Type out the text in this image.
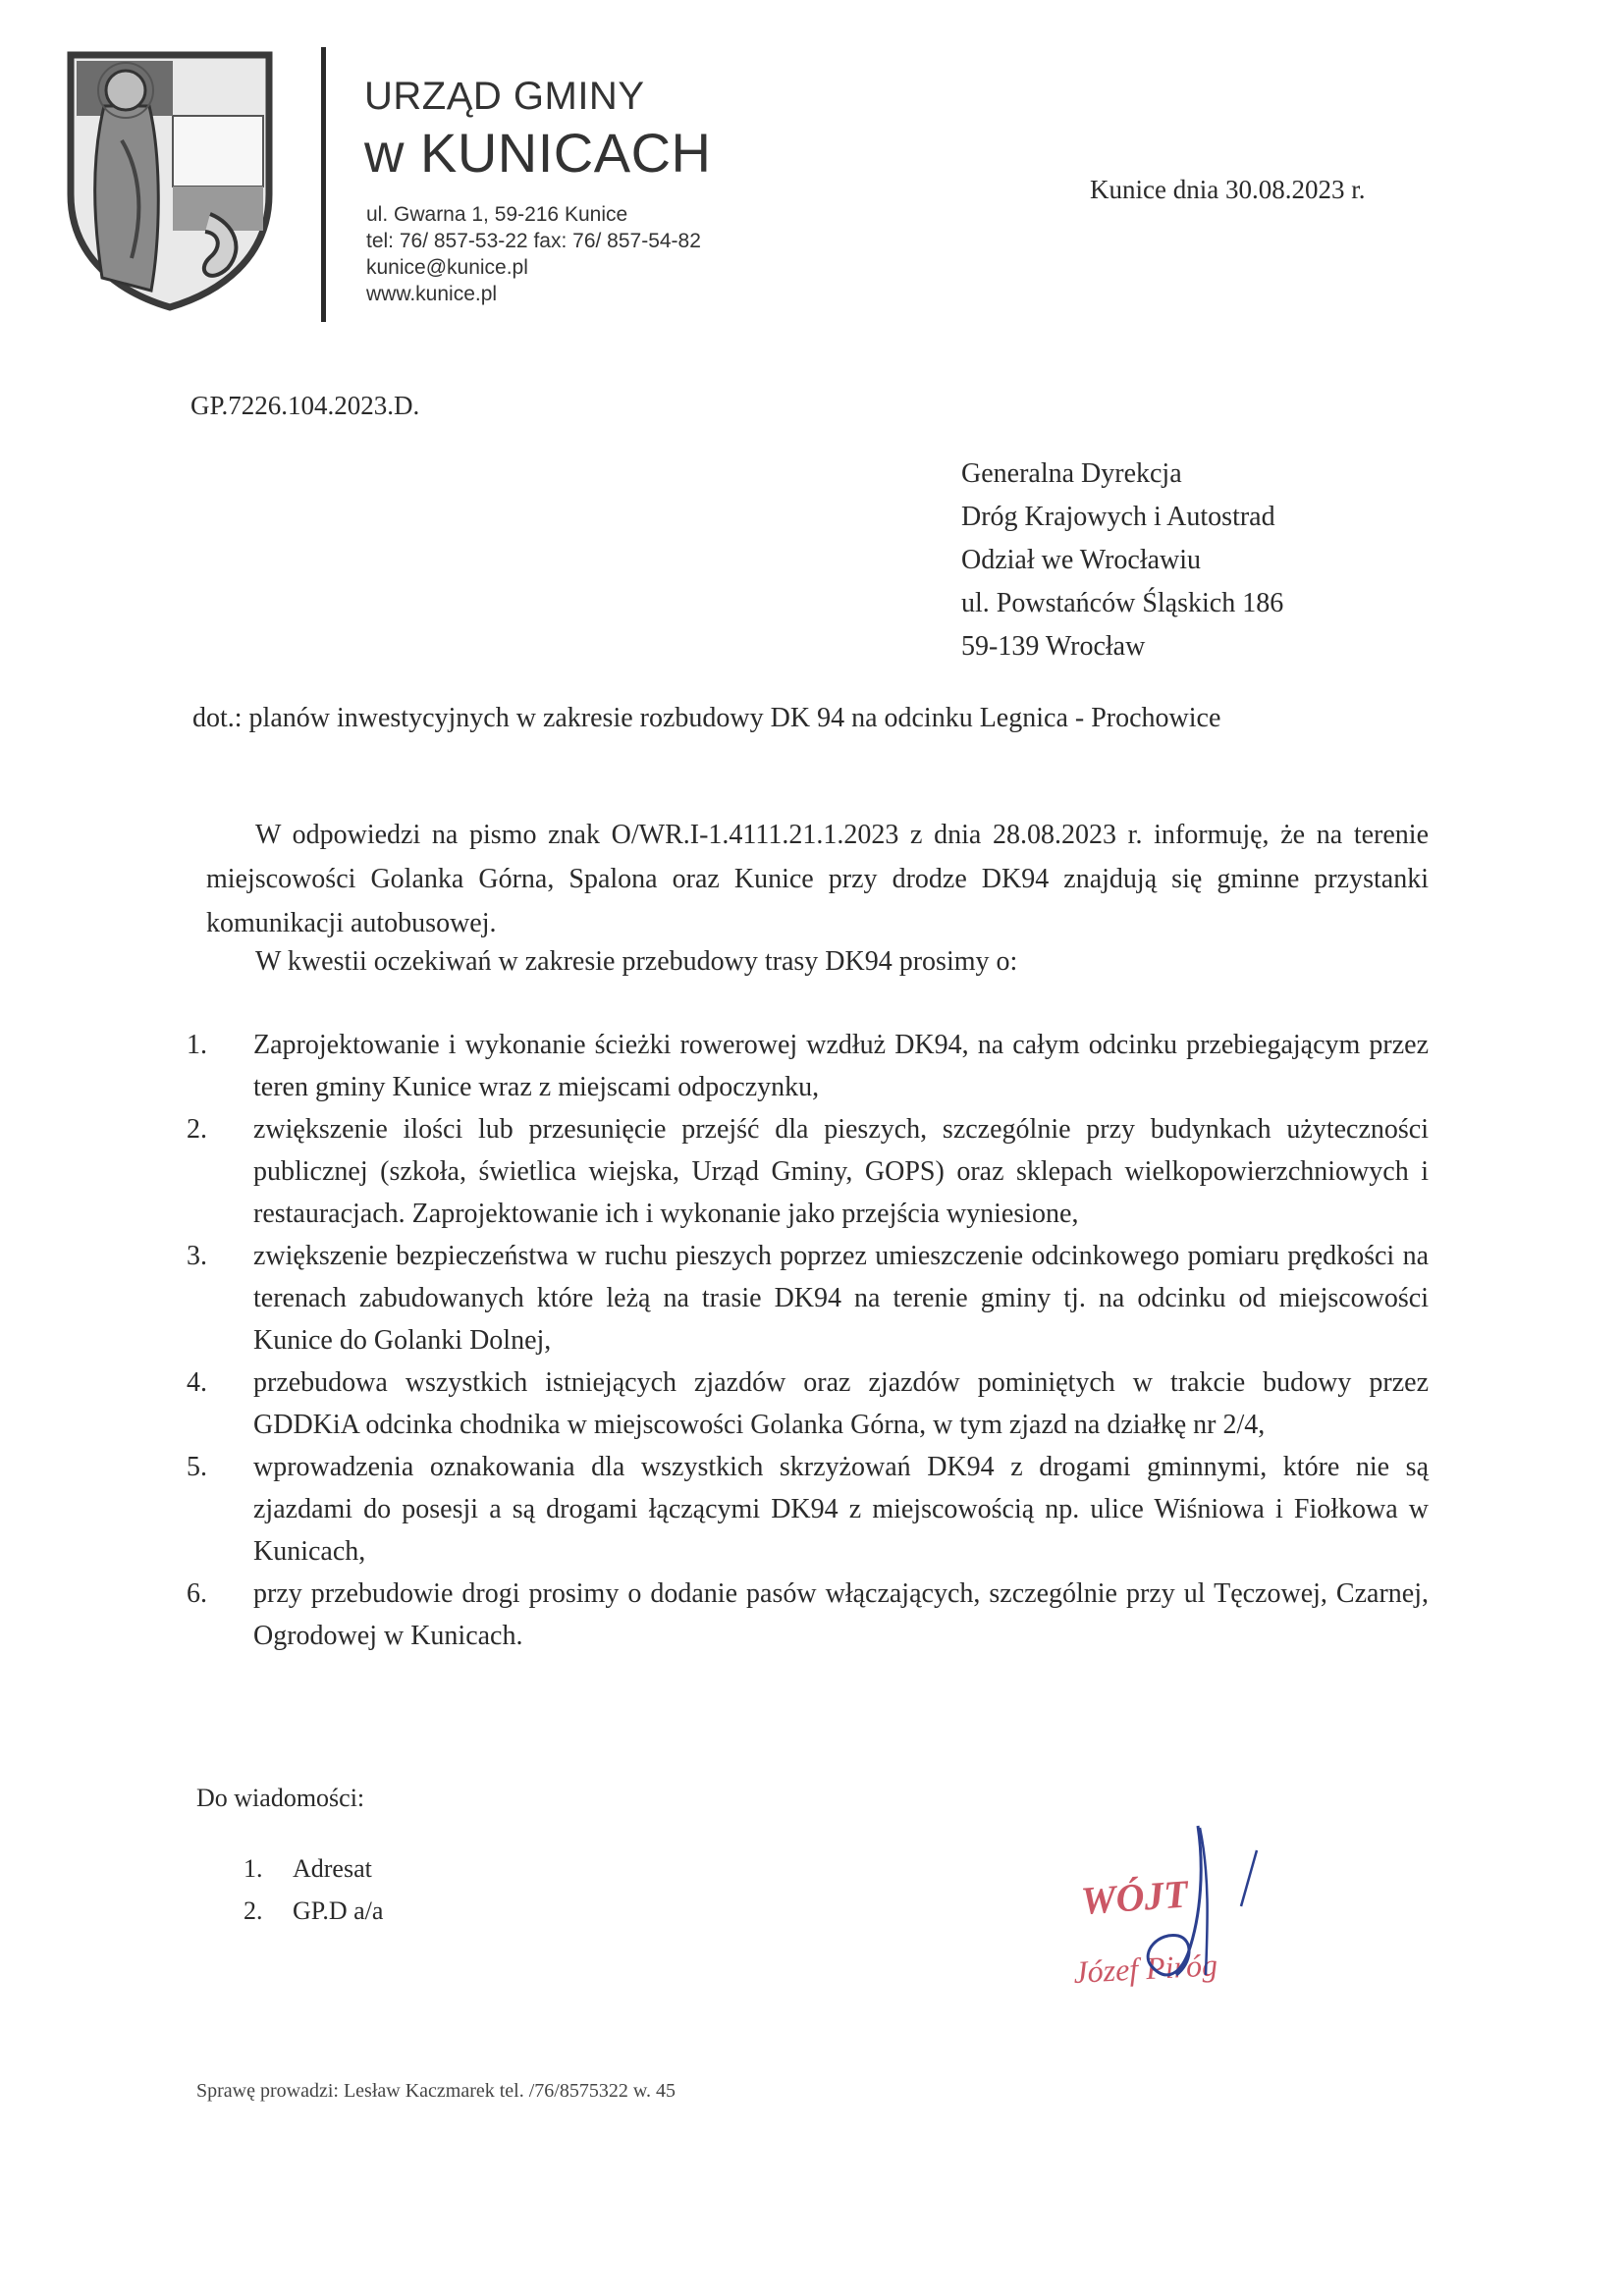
URZĄD GMINY
w KUNICACH
ul. Gwarna 1, 59-216 Kunice
tel: 76/ 857-53-22 fax: 76/ 857-54-82
kunice@kunice.pl
www.kunice.pl
Kunice dnia 30.08.2023 r.
GP.7226.104.2023.D.
Generalna Dyrekcja
Dróg Krajowych i Autostrad
Odział we Wrocławiu
ul. Powstańców Śląskich 186
59-139 Wrocław
dot.: planów inwestycyjnych w zakresie rozbudowy DK 94 na odcinku Legnica - Prochowice
W odpowiedzi na pismo znak O/WR.I-1.4111.21.1.2023 z dnia 28.08.2023 r. informuję, że na terenie miejscowości Golanka Górna, Spalona oraz Kunice przy drodze DK94 znajdują się gminne przystanki komunikacji autobusowej.
W kwestii oczekiwań w zakresie przebudowy trasy DK94 prosimy o:
1.	Zaprojektowanie i wykonanie ścieżki rowerowej wzdłuż DK94, na całym odcinku przebiegającym przez teren gminy Kunice wraz z miejscami odpoczynku,
2.	zwiększenie ilości lub przesunięcie przejść dla pieszych, szczególnie przy budynkach użyteczności publicznej (szkoła, świetlica wiejska, Urząd Gminy, GOPS) oraz sklepach wielkopowierzchniowych i restauracjach. Zaprojektowanie ich i wykonanie jako przejścia wyniesione,
3.	zwiększenie bezpieczeństwa w ruchu pieszych poprzez umieszczenie odcinkowego pomiaru prędkości na terenach zabudowanych które leżą na trasie DK94 na terenie gminy tj. na odcinku od miejscowości Kunice do Golanki Dolnej,
4.	przebudowa wszystkich istniejących zjazdów oraz zjazdów pominiętych w trakcie budowy przez GDDKiA odcinka chodnika w miejscowości Golanka Górna, w tym zjazd na działkę nr 2/4,
5.	wprowadzenia oznakowania dla wszystkich skrzyżowań DK94 z drogami gminnymi, które nie są zjazdami do posesji a są drogami łączącymi DK94 z miejscowością np. ulice Wiśniowa i Fiołkowa w Kunicach,
6.	przy przebudowie drogi prosimy o dodanie pasów włączających, szczególnie przy ul Tęczowej, Czarnej, Ogrodowej w Kunicach.
Do wiadomości:
1.	Adresat
2.	GP.D a/a	WÓJT
Józef Piróg
Sprawę prowadzi: Lesław Kaczmarek tel. /76/8575322 w. 45
